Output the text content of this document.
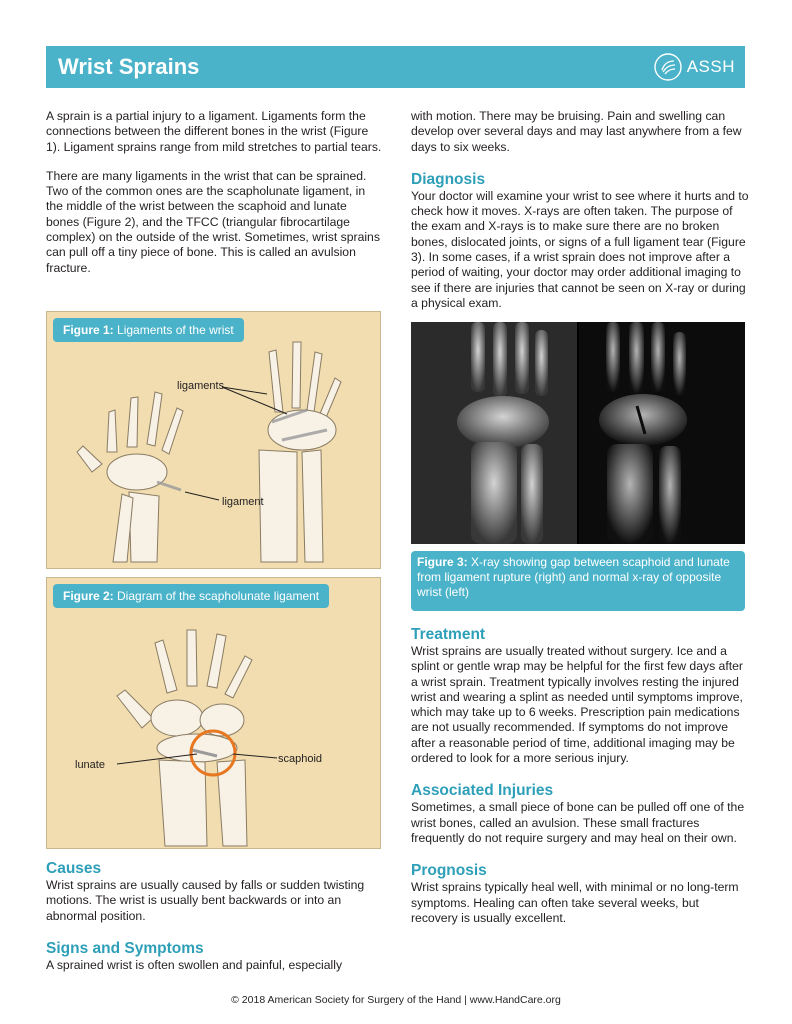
Wrist Sprains	ASSH

A sprain is a partial injury to a ligament. Ligaments form the connections between the different bones in the wrist (Figure 1). Ligament sprains range from mild stretches to partial tears.

There are many ligaments in the wrist that can be sprained. Two of the common ones are the scapholunate ligament, in the middle of the wrist between the scaphoid and lunate bones (Figure 2), and the TFCC (triangular fibrocartilage complex) on the outside of the wrist. Sometimes, wrist sprains can pull off a tiny piece of bone. This is called an avulsion fracture.

ligaments
ligament
Figure 1: Ligaments of the wrist
lunate	scaphoid
Figure 2: Diagram of the scapholunate ligament
Causes

Wrist sprains are usually caused by falls or sudden twisting motions. The wrist is usually bent backwards or into an abnormal position.

Signs and Symptoms

A sprained wrist is often swollen and painful, especially

with motion. There may be bruising. Pain and swelling can develop over several days and may last anywhere from a few days to six weeks.

Diagnosis

Your doctor will examine your wrist to see where it hurts and to check how it moves. X-rays are often taken. The purpose of the exam and X-rays is to make sure there are no broken bones, dislocated joints, or signs of a full ligament tear (Figure 3). In some cases, if a wrist sprain does not improve after a period of waiting, your doctor may order additional imaging to see if there are injuries that cannot be seen on X-ray or during a physical exam.

Figure 3: X-ray showing gap between scaphoid and lunate from ligament rupture (right) and normal x-ray of opposite wrist (left)
Treatment

Wrist sprains are usually treated without surgery. Ice and a splint or gentle wrap may be helpful for the first few days after a wrist sprain. Treatment typically involves resting the injured wrist and wearing a splint as needed until symptoms improve, which may take up to 6 weeks. Prescription pain medications are not usually recommended. If symptoms do not improve after a reasonable period of time, additional imaging may be ordered to look for a more serious injury.

Associated Injuries

Sometimes, a small piece of bone can be pulled off one of the wrist bones, called an avulsion. These small fractures frequently do not require surgery and may heal on their own.

Prognosis

Wrist sprains typically heal well, with minimal or no long-term symptoms. Healing can often take several weeks, but recovery is usually excellent.

© 2018 American Society for Surgery of the Hand | www.HandCare.org
